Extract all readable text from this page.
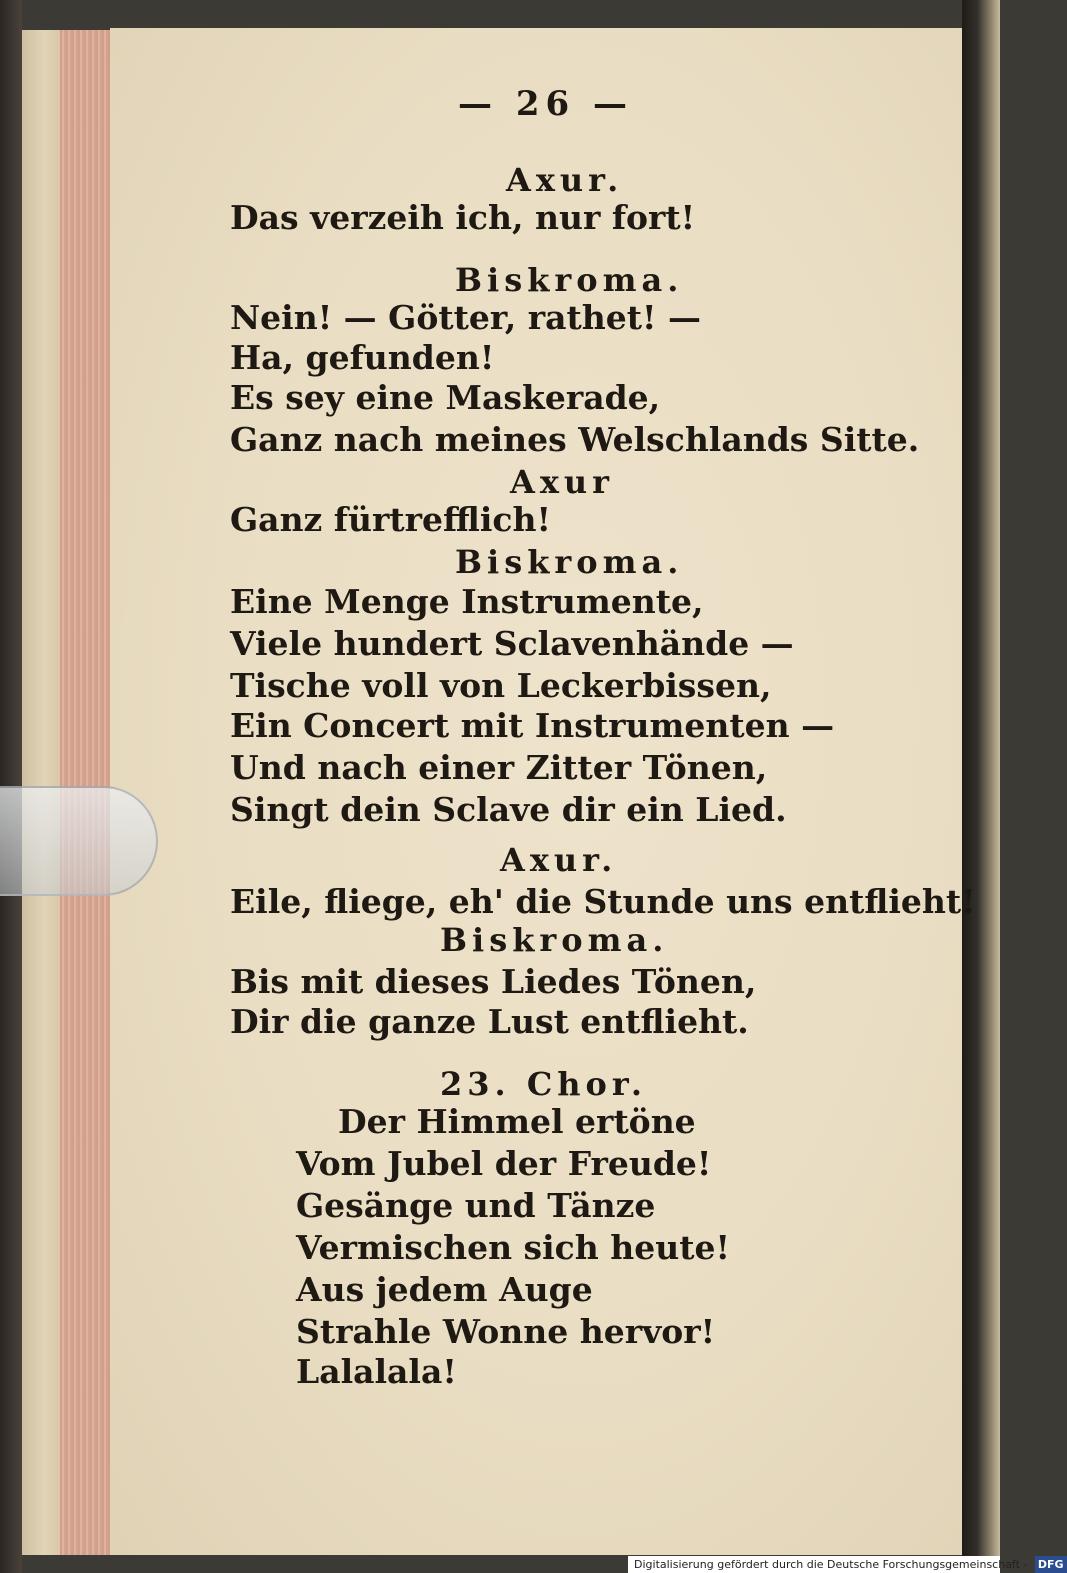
— 26 —

Axur.

Das verzeih ich, nur fort!

Biskroma.

Nein! — Götter, rathet! —

Ha, gefunden!

Es sey eine Maskerade,

Ganz nach meines Welschlands Sitte.

Axur

Ganz fürtrefflich!

Biskroma.

Eine Menge Instrumente,

Viele hundert Sclavenhände —

Tische voll von Leckerbissen,

Ein Concert mit Instrumenten —

Und nach einer Zitter Tönen,

Singt dein Sclave dir ein Lied.

Axur.

Eile, fliege, eh' die Stunde uns entflieht!

Biskroma.

Bis mit dieses Liedes Tönen,

Dir die ganze Lust entflieht.

23. Chor.

Der Himmel ertöne

Vom Jubel der Freude!

Gesänge und Tänze

Vermischen sich heute!

Aus jedem Auge

Strahle Wonne hervor!

Lalalala!

Digitalisierung gefördert durch die Deutsche Forschungsgemeinschaft - DFG
